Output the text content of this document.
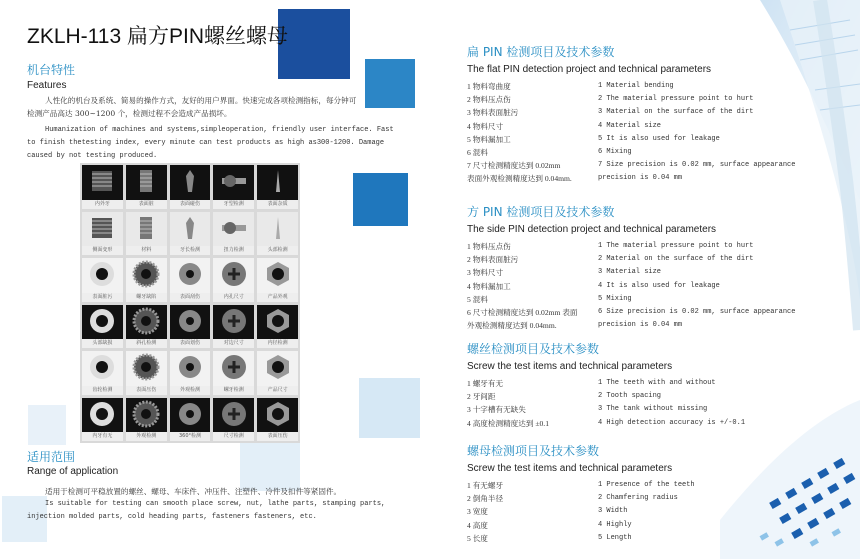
ZKLH-113 扁方PIN螺丝螺母
机台特性
Features
人性化的机台及系统、简易的操作方式，友好的用户界面。快速完成各项检测指标，每分钟可
检测产品高达 300~1200 个，检测过程不会造成产品损坏。
Humanization of machines and systems,simpleoperation, friendly user interface. Fast
to finish thetesting index, every minute can test products as high as300-1200. Damage
caused by not testing produced.
内外牙	表面脏	表面碰伤	牙型检测	表面杂质
侧面变形	材料	牙长检测	扭力检测	头部检测
表面脏污	螺牙缺陷	表面刮伤	内孔尺寸	产品外观
头部缺损	斜孔检测	表面划伤	对边尺寸	内径检测
齿轮检测	表面压伤	外观检测	螺牙检测	产品尺寸
内牙有无	外观检测	360°检测	尺寸检测	表面压伤
适用范围
Range of application
适用于检测可平稳放置的螺丝、螺母、车床件、冲压件、注塑件、冷件及扣件等紧固件。
Is suitable for testing can smooth place screw, nut, lathe parts, stamping parts,
injection molded parts, cold heading parts, fasteners fasteners, etc.
扁 PIN 检测项目及技术参数
The flat PIN detection project and technical parameters
1 物料弯曲度
2 物料压点伤
3 物料表面脏污
4 物料尺寸
5 物料漏加工
6 混料
7 尺寸检测精度达到 0.02mm
表面外观检测精度达到 0.04mm.
1 Material bending
2 The material pressure point to hurt
3 Material on the surface of the dirt
4 Material size
5 It is also used for leakage
6 Mixing
7 Size precision is 0.02 mm, surface appearance
precision is 0.04 mm
方 PIN 检测项目及技术参数
The side PIN detection project and technical parameters
1 物料压点伤
2 物料表面脏污
3 物料尺寸
4 物料漏加工
5 混料
6 尺寸检测精度达到 0.02mm 表面
外观检测精度达到 0.04mm.
1 The material pressure point to hurt
2 Material on the surface of the dirt
3 Material size
4 It is also used for leakage
5 Mixing
6 Size precision is 0.02 mm, surface appearance
precision is 0.04 mm
螺丝检测项目及技术参数
Screw the test items and technical parameters
1 螺牙有无
2 牙间距
3 十字槽有无缺失
4 高度检测精度达到 ±0.1
1 The teeth with and without
2 Tooth spacing
3 The tank without missing
4 High detection accuracy is +/-0.1
螺母检测项目及技术参数
Screw the test items and technical parameters
1 有无螺牙
2 倒角半径
3 宽度
4 高度
5 长度
1 Presence of the teeth
2 Chamfering radius
3 Width
4 Highly
5 Length
